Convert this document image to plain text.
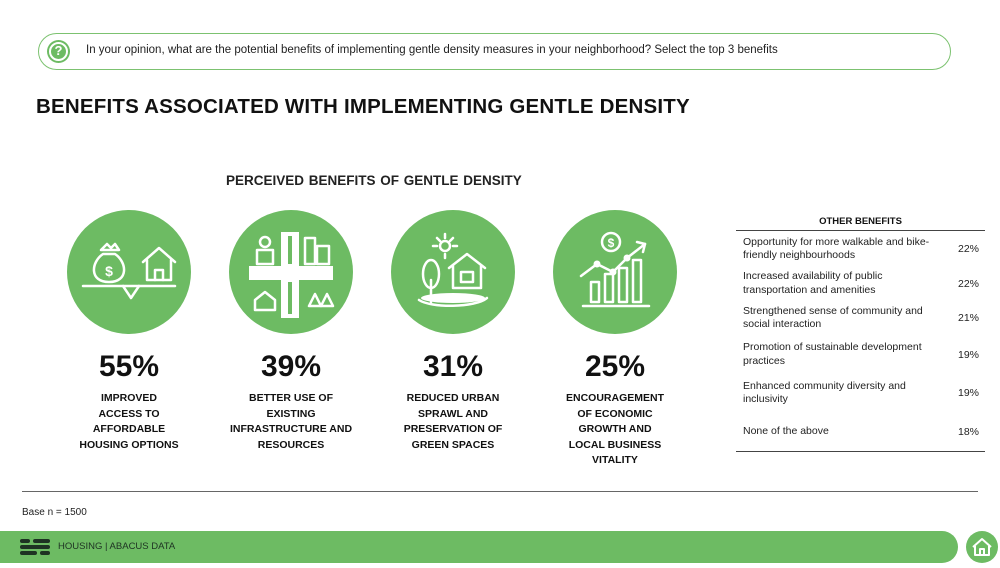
?	In your opinion, what are the potential benefits of implementing gentle density measures in your neighborhood? Select the top 3 benefits
BENEFITS ASSOCIATED WITH IMPLEMENTING GENTLE DENSITY
PERCEIVED BENEFITS OF GENTLE DENSITY
$
55%
IMPROVED ACCESS TO AFFORDABLE HOUSING OPTIONS
39%
BETTER USE OF EXISTING INFRASTRUCTURE AND RESOURCES
31%
REDUCED URBAN SPRAWL AND PRESERVATION OF GREEN SPACES
$
25%
ENCOURAGEMENT OF ECONOMIC GROWTH AND LOCAL BUSINESS VITALITY
OTHER BENEFITS
Opportunity for more walkable and bike-friendly neighbourhoods	22%
Increased availability of public transportation and amenities	22%
Strengthened sense of community and social interaction	21%
Promotion of sustainable development practices	19%
Enhanced community diversity and inclusivity	19%
None of the above	18%
Base n = 1500
HOUSING | ABACUS DATA
